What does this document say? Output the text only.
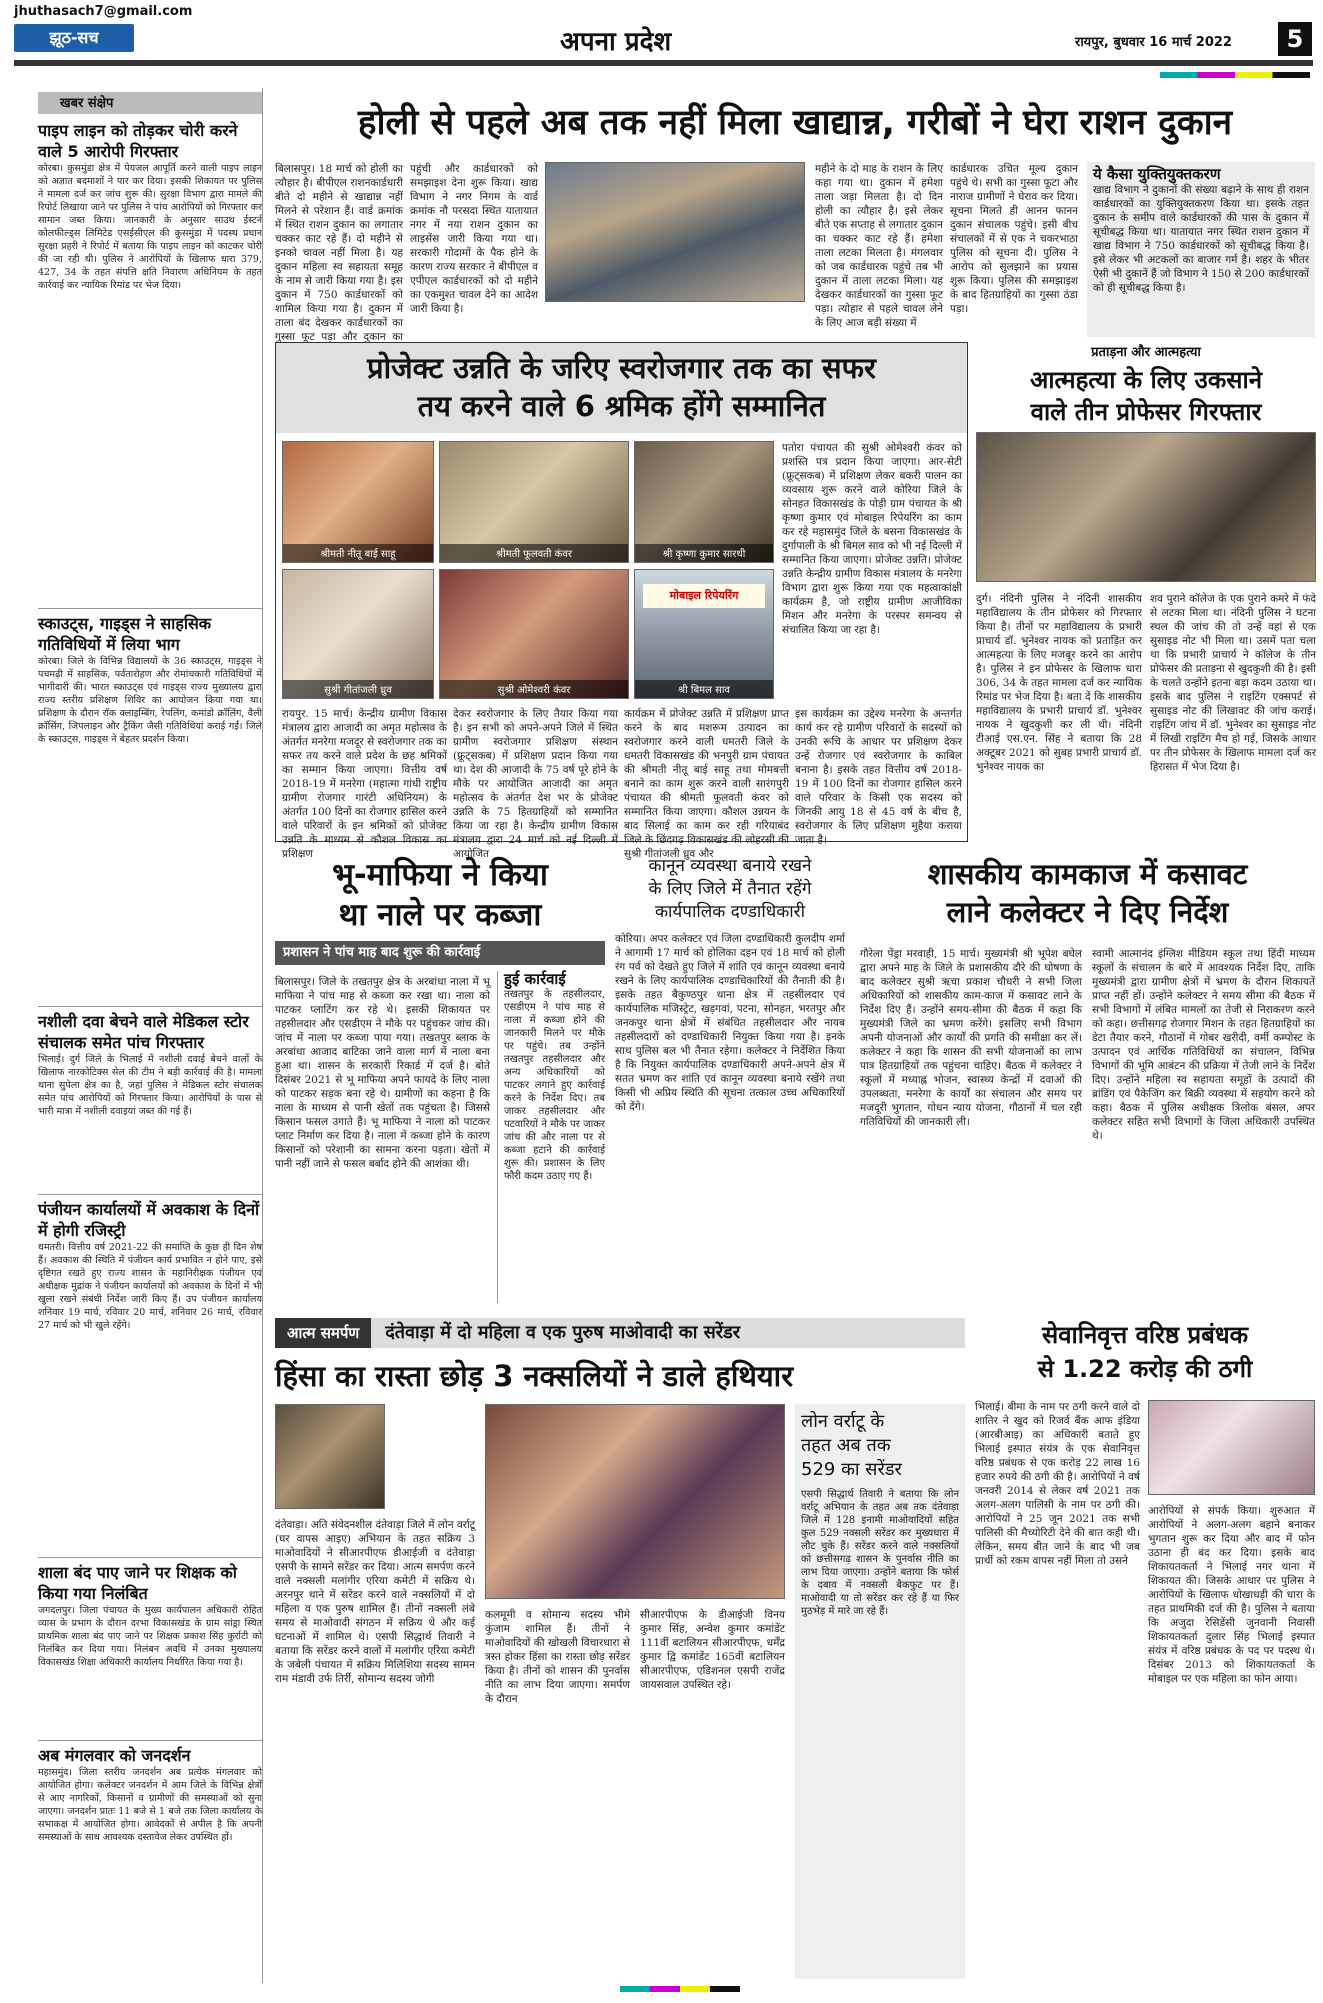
jhuthasach7@gmail.com
झूठ-सच	अपना प्रदेश	रायपुर, बुधवार 16 मार्च 2022	5
खबर संक्षेप
पाइप लाइन को तोड़कर चोरी करने वाले 5 आरोपी गिरफ्तार
कोरबा। कुसमुंडा क्षेत्र में पेयजल आपूर्ति करने वाली पाइप लाइन को अज्ञात बदमाशों ने पार कर दिया। इसकी शिकायत पर पुलिस ने मामला दर्ज कर जांच शुरू की। सुरक्षा विभाग द्वारा मामले की रिपोर्ट लिखाया जाने पर पुलिस ने पांच आरोपियों को गिरफ्तार कर सामान जब्त किया। जानकारी के अनुसार साउथ ईस्टर्न कोलफील्ड्स लिमिटेड एसईसीएल की कुसमुंडा में पदस्थ प्रधान सुरक्षा प्रहरी ने रिपोर्ट में बताया कि पाइप लाइन को काटकर चोरी की जा रही थी। पुलिस ने आरोपियों के खिलाफ धारा 379, 427, 34 के तहत संपत्ति क्षति निवारण अधिनियम के तहत कार्रवाई कर न्यायिक रिमांड पर भेज दिया।
स्काउट्स, गाइड्स ने साहसिक गतिविधियों में लिया भाग
कोरबा। जिले के विभिन्न विद्यालयों के 36 स्काउट्स, गाइड्स ने पचमढ़ी में साहसिक, पर्वतारोहण और रोमांचकारी गतिविधियों में भागीदारी की। भारत स्काउट्स एवं गाइड्स राज्य मुख्यालय द्वारा राज्य स्तरीय प्रशिक्षण शिविर का आयोजन किया गया था। प्रशिक्षण के दौरान रॉक क्लाइम्बिंग, रेपलिंग, कमांडो क्रॉलिंग, वैली क्रॉसिंग, जिपलाइन और ट्रैकिंग जैसी गतिविधियां कराई गईं। जिले के स्काउट्स, गाइड्स ने बेहतर प्रदर्शन किया।
नशीली दवा बेचने वाले मेडिकल स्टोर संचालक समेत पांच गिरफ्तार
भिलाई। दुर्ग जिले के भिलाई में नशीली दवाई बेचने वालों के खिलाफ नारकोटिक्स सेल की टीम ने बड़ी कार्रवाई की है। मामला थाना सुपेला क्षेत्र का है, जहां पुलिस ने मेडिकल स्टोर संचालक समेत पांच आरोपियों को गिरफ्तार किया। आरोपियों के पास से भारी मात्रा में नशीली दवाइयां जब्त की गई हैं।
पंजीयन कार्यालयों में अवकाश के दिनों में होगी रजिस्ट्री
धमतरी। वित्तीय वर्ष 2021-22 की समाप्ति के कुछ ही दिन शेष हैं। अवकाश की स्थिति में पंजीयन कार्य प्रभावित न होने पाए, इसे दृष्टिगत रखते हुए राज्य शासन के महानिरीक्षक पंजीयन एवं अधीक्षक मुद्रांक ने पंजीयन कार्यालयों को अवकाश के दिनों में भी खुला रखने संबंधी निर्देश जारी किए हैं। उप पंजीयन कार्यालय शनिवार 19 मार्च, रविवार 20 मार्च, शनिवार 26 मार्च, रविवार 27 मार्च को भी खुले रहेंगे।
शाला बंद पाए जाने पर शिक्षक को किया गया निलंबित
जगदलपुर। जिला पंचायत के मुख्य कार्यपालन अधिकारी रोहित व्यास के प्रभाग के दौरान दरभा विकासखंड के ग्राम सांड्रा स्थित प्राथमिक शाला बंद पाए जाने पर शिक्षक प्रकाश सिंह कुर्राटी को निलंबित कर दिया गया। निलंबन अवधि में उनका मुख्यालय विकासखंड शिक्षा अधिकारी कार्यालय निर्धारित किया गया है।
अब मंगलवार को जनदर्शन
महासमुंद। जिला स्तरीय जनदर्शन अब प्रत्येक मंगलवार को आयोजित होगा। कलेक्टर जनदर्शन में आम जिले के विभिन्न क्षेत्रों से आए नागरिकों, किसानों व ग्रामीणों की समस्याओं को सुना जाएगा। जनदर्शन प्रातः 11 बजे से 1 बजे तक जिला कार्यालय के सभाकक्ष में आयोजित होगा। आवेदकों से अपील है कि अपनी समस्याओं के साथ आवश्यक दस्तावेज लेकर उपस्थित हों।
होली से पहले अब तक नहीं मिला खाद्यान्न, गरीबों ने घेरा राशन दुकान
बिलासपुर। 18 मार्च को होली का त्यौहार है। बीपीएल राशनकार्डधारी बीते दो महीने से खाद्यान्न नहीं मिलने से परेशान हैं। वार्ड क्रमांक में स्थित राशन दुकान का लगातार चक्कर काट रहे हैं। दो महीने से इनको चावल नहीं मिला है। यह दुकान महिला स्व सहायता समूह के नाम से जारी किया गया है। इस दुकान में 750 कार्डधारकों को शामिल किया गया है। दुकान में ताला बंद देखकर कार्डधारकों का गुस्सा फूट पड़ा और दुकान का
पहुंची और कार्डधारकों को समझाइश देना शुरू किया। खाद्य विभाग ने नगर निगम के वार्ड क्रमांक नौ परसदा स्थित यातायात नगर में नया राशन दुकान का लाइसेंस जारी किया गया था। सरकारी गोदामों के पैक होने के कारण राज्य सरकार ने बीपीएल व एपीएल कार्डधारकों को दो महीने का एकमुश्त चावल देने का आदेश जारी किया है।
महीने के दो माह के राशन के लिए कहा गया था। दुकान में हमेशा ताला जड़ा मिलता है। दो दिन होली का त्यौहार है। इसे लेकर बीते एक सप्ताह से लगातार दुकान का चक्कर काट रहे हैं। हमेशा ताला लटका मिलता है। मंगलवार को जब कार्डधारक पहुंचे तब भी दुकान में ताला लटका मिला। यह देखकर कार्डधारकों का गुस्सा फूट पड़ा। त्योहार से पहले चावल लेने के लिए आज बड़ी संख्या में
कार्डधारक उचित मूल्य दुकान पहुंचे थे। सभी का गुस्सा फूटा और नाराज ग्रामीणों ने घेराव कर दिया। सूचना मिलते ही आनन फानन दुकान संचालक पहुंचे। इसी बीच संचालकों में से एक ने चकरभाठा पुलिस को सूचना दी। पुलिस ने आरोप को सुलझाने का प्रयास शुरू किया। पुलिस की समझाइश के बाद हितग्राहियों का गुस्सा ठंडा पड़ा।
ये कैसा युक्तियुक्तकरण
खाद्य विभाग ने दुकानों की संख्या बढ़ाने के साथ ही राशन कार्डधारकों का युक्तियुक्तकरण किया था। इसके तहत दुकान के समीप वाले कार्डधारकों की पास के दुकान में सूचीबद्ध किया था। यातायात नगर स्थित राशन दुकान में खाद्य विभाग ने 750 कार्डधारकों को सूचीबद्ध किया है। इसे लेकर भी अटकलों का बाजार गर्म है। शहर के भीतर ऐसी भी दुकानें हैं जो विभाग ने 150 से 200 कार्डधारकों को ही सूचीबद्ध किया है।
प्रोजेक्ट उन्नति के जरिए स्वरोजगार तक का सफर
तय करने वाले 6 श्रमिक होंगे सम्मानित
श्रीमती नीतू बाई साहू	श्रीमती फूलवती कंवर	श्री कृष्णा कुमार सारथी
सुश्री गीतांजली ध्रुव	सुश्री ओमेश्वरी कंवर
मोबाइल रिपेयरिंग
श्री बिमल साव
पतोरा पंचायत की सुश्री ओमेश्वरी कंवर को प्रशस्ति पत्र प्रदान किया जाएगा। आर-सेटी (फ्रूट्सकब) में प्रशिक्षण लेकर बकरी पालन का व्यवसाय शुरू करने वाले कोरिया जिले के सोनहत विकासखंड के पोड़ी ग्राम पंचायत के श्री कृष्णा कुमार एवं मोबाइल रिपेयरिंग का काम कर रहे महासमुंद जिले के बसना विकासखंड के दुर्गापाली के श्री बिमल साव को भी नई दिल्ली में सम्मानित किया जाएगा। प्रोजेक्ट उन्नति। प्रोजेक्ट उन्नति केन्द्रीय ग्रामीण विकास मंत्रालय के मनरेगा विभाग द्वारा शुरू किया गया एक महत्वाकांक्षी कार्यक्रम है, जो राष्ट्रीय ग्रामीण आजीविका मिशन और मनरेगा के परस्पर समन्वय से संचालित किया जा रहा है।
रायपुर. 15 मार्च। केन्द्रीय ग्रामीण विकास मंत्रालय द्वारा आजादी का अमृत महोत्सव के अंतर्गत मनरेगा मजदूर से स्वरोजगार तक का सफर तय करने वाले प्रदेश के छह श्रमिकों का सम्मान किया जाएगा। वित्तीय वर्ष 2018-19 में मनरेगा (महात्मा गांधी राष्ट्रीय ग्रामीण रोजगार गारंटी अधिनियम) के अंतर्गत 100 दिनों का रोजगार हासिल करने वाले परिवारों के इन श्रमिकों को प्रोजेक्ट उन्नति के माध्यम से कौशल विकास का प्रशिक्षण
देकर स्वरोजगार के लिए तैयार किया गया है। इन सभी को अपने-अपने जिले में स्थित ग्रामीण स्वरोजगार प्रशिक्षण संस्थान (फ्रूट्सकब) में प्रशिक्षण प्रदान किया गया था। देश की आजादी के 75 वर्ष पूरे होने के मौके पर आयोजित आजादी का अमृत महोत्सव के अंतर्गत देश भर के प्रोजेक्ट उन्नति के 75 हितग्राहियों को सम्मानित किया जा रहा है। केन्द्रीय ग्रामीण विकास मंत्रालय द्वारा 24 मार्च को नई दिल्ली में आयोजित
कार्यक्रम में प्रोजेक्ट उन्नति में प्रशिक्षण प्राप्त करने के बाद मशरूम उत्पादन का स्वरोजगार करने वाली धमतरी जिले के धमतरी विकासखंड की भनपुरी ग्राम पंचायत की श्रीमती नीतू बाई साहू तथा मोमबत्ती बनाने का काम शुरू करने वाली सारंगपुरी पंचायत की श्रीमती फूलवती कंवर को सम्मानित किया जाएगा। कौशल उन्नयन के बाद सिलाई का काम कर रही गरियाबंद जिले के छिंदगढ़ विकासखंड की लोहरसी की सुश्री गीतांजली ध्रुव और
इस कार्यक्रम का उद्देश्य मनरेगा के अन्तर्गत कार्य कर रहे ग्रामीण परिवारों के सदस्यों को उनकी रूचि के आधार पर प्रशिक्षण देकर उन्हें रोजगार एवं स्वरोजगार के काबिल बनाना है। इसके तहत वित्तीय वर्ष 2018-19 में 100 दिनों का रोजगार हासिल करने वाले परिवार के किसी एक सदस्य को जिनकी आयु 18 से 45 वर्ष के बीच है, स्वरोजगार के लिए प्रशिक्षण मुहैया कराया जाता है।
प्रताड़ना और आत्महत्या
आत्महत्या के लिए उकसाने
वाले तीन प्रोफेसर गिरफ्तार
दुर्ग। नंदिनी पुलिस ने नंदिनी शासकीय महाविद्यालय के तीन प्रोफेसर को गिरफ्तार किया है। तीनों पर महाविद्यालय के प्रभारी प्राचार्य डॉ. भुनेश्वर नायक को प्रताड़ित कर आत्महत्या के लिए मजबूर करने का आरोप है। पुलिस ने इन प्रोफेसर के खिलाफ धारा 306, 34 के तहत मामला दर्ज कर न्यायिक रिमांड पर भेज दिया है। बता दें कि शासकीय महाविद्यालय के प्रभारी प्राचार्य डॉ. भुनेश्वर नायक ने खुदकुशी कर ली थी। नंदिनी टीआई एस.एन. सिंह ने बताया कि 28 अक्टूबर 2021 को सुबह प्रभारी प्राचार्य डॉ. भुनेश्वर नायक का
शव पुराने कॉलेज के एक पुराने कमरे में फंदे से लटका मिला था। नंदिनी पुलिस ने घटना स्थल की जांच की तो उन्हें वहां से एक सुसाइड नोट भी मिला था। उसमें पता चला था कि प्रभारी प्राचार्य ने कॉलेज के तीन प्रोफेसर की प्रताड़ना से खुदकुशी की है। इसी के चलते उन्होंने इतना बड़ा कदम उठाया था। इसके बाद पुलिस ने राइटिंग एक्सपर्ट से सुसाइड नोट की लिखावट की जांच कराई। राइटिंग जांच में डॉ. भुनेश्वर का सुसाइड नोट में लिखी राइटिंग मैच हो गई, जिसके आधार पर तीन प्रोफेसर के खिलाफ मामला दर्ज कर हिरासत में भेज दिया है।
भू-माफिया ने किया
था नाले पर कब्जा
प्रशासन ने पांच माह बाद शुरू की कार्रवाई
बिलासपुर। जिले के तखतपुर क्षेत्र के अरबांधा नाला में भू माफिया ने पांच माह से कब्जा कर रखा था। नाला को पाटकर प्लाटिंग कर रहे थे। इसकी शिकायत पर तहसीलदार और एसडीएम ने मौके पर पहुंचकर जांच की। जांच में नाला पर कब्जा पाया गया। तखतपुर ब्लाक के अरबांधा आजाद बाटिका जाने वाला मार्ग में नाला बना हुआ था। शासन के सरकारी रिकार्ड में दर्ज है। बोते दिसंबर 2021 से भू माफिया अपने फायदे के लिए नाला को पाटकर सड़क बना रहे थे। ग्रामीणों का कहना है कि नाला के माध्यम से पानी खेतों तक पहुंचता है। जिससे किसान फसल उगाते हैं। भू माफिया ने नाला को पाटकर प्लाट निर्माण कर दिया है। नाला में कब्जा होने के कारण किसानों को परेशानी का सामना करना पड़ता। खेतों में पानी नहीं जाने से फसल बर्बाद होने की आशंका थी।
हुई कार्रवाई
तखतपुर के तहसीलदार, एसडीएम ने पांच माह से नाला में कब्जा होने की जानकारी मिलने पर मौके पर पहुंचे। तब उन्होंने तखतपुर तहसीलदार और अन्य अधिकारियों को पाटकर लगाने हुए कार्रवाई करने के निर्देश दिए। तब जाकर तहसीलदार और पटवारियों ने मौके पर जाकर जांच की और नाला पर से कब्जा हटाने की कार्रवाई शुरू की। प्रशासन के लिए फौरी कदम उठाए गए हैं।
कानून व्यवस्था बनाये रखने
के लिए जिले में तैनात रहेंगे
कार्यपालिक दण्डाधिकारी
कोरिया। अपर कलेक्टर एवं जिला दण्डाधिकारी कुलदीप शर्मा ने आगामी 17 मार्च को होलिका दहन एवं 18 मार्च को होली रंग पर्व को देखते हुए जिले में शांति एवं कानून व्यवस्था बनाये रखने के लिए कार्यपालिक दण्डाधिकारियों की तैनाती की है। इसके तहत बैकुण्ठपुर थाना क्षेत्र में तहसीलदार एवं कार्यपालिक मजिस्ट्रेट, खड़गवां, पटना, सोनहत, भरतपुर और जनकपुर थाना क्षेत्रों में संबंधित तहसीलदार और नायब तहसीलदारों को दण्डाधिकारी नियुक्त किया गया है। इनके साथ पुलिस बल भी तैनात रहेगा। कलेक्टर ने निर्देशित किया है कि नियुक्त कार्यपालिक दण्डाधिकारी अपने-अपने क्षेत्र में सतत भ्रमण कर शांति एवं कानून व्यवस्था बनाये रखेंगे तथा किसी भी अप्रिय स्थिति की सूचना तत्काल उच्च अधिकारियों को देंगे।
शासकीय कामकाज में कसावट
लाने कलेक्टर ने दिए निर्देश
गौरेला पेंड्रा मरवाही, 15 मार्च। मुख्यमंत्री श्री भूपेश बघेल द्वारा अपने माह के जिले के प्रशासकीय दौरे की घोषणा के बाद कलेक्टर सुश्री ऋचा प्रकाश चौधरी ने सभी जिला अधिकारियों को शासकीय काम-काज में कसावट लाने के निर्देश दिए हैं। उन्होंने समय-सीमा की बैठक में कहा कि मुख्यमंत्री जिले का भ्रमण करेंगे। इसलिए सभी विभाग अपनी योजनाओं और कार्यों की प्रगति की समीक्षा कर लें। कलेक्टर ने कहा कि शासन की सभी योजनाओं का लाभ पात्र हितग्राहियों तक पहुंचना चाहिए। बैठक में कलेक्टर ने स्कूलों में मध्याह्न भोजन, स्वास्थ्य केन्द्रों में दवाओं की उपलब्धता, मनरेगा के कार्यों का संचालन और समय पर मजदूरी भुगतान, गोधन न्याय योजना, गौठानों में चल रही गतिविधियों की जानकारी ली।
स्वामी आत्मानंद इंग्लिश मीडियम स्कूल तथा हिंदी माध्यम स्कूलों के संचालन के बारे में आवश्यक निर्देश दिए, ताकि मुख्यमंत्री द्वारा ग्रामीण क्षेत्रों में भ्रमण के दौरान शिकायतें प्राप्त नहीं हों। उन्होंने कलेक्टर ने समय सीमा की बैठक में सभी विभागों में लंबित मामलों का तेजी से निराकरण करने को कहा। छत्तीसगढ़ रोजगार मिशन के तहत हितग्राहियों का डेटा तैयार करने, गौठानों में गोबर खरीदी, वर्मी कम्पोस्ट के उत्पादन एवं आर्थिक गतिविधियों का संचालन, विभिन्न विभागों की भूमि आबंटन की प्रक्रिया में तेजी लाने के निर्देश दिए। उन्होंने महिला स्व सहायता समूहों के उत्पादों की ब्रांडिंग एवं पैकेजिंग कर बिक्री व्यवस्था में सहयोग करने को कहा। बैठक में पुलिस अधीक्षक त्रिलोक बंसल, अपर कलेक्टर सहित सभी विभागों के जिला अधिकारी उपस्थित थे।
आत्म समर्पण	दंतेवाड़ा में दो महिला व एक पुरुष माओवादी का सरेंडर
हिंसा का रास्ता छोड़ 3 नक्सलियों ने डाले हथियार
दंतेवाड़ा। अति संवेदनशील दंतेवाड़ा जिले में लोन वर्राटू (घर वापस आइए) अभियान के तहत सक्रिय 3 माओवादियों ने सीआरपीएफ डीआईजी व दंतेवाड़ा एसपी के सामने सरेंडर कर दिया। आत्म समर्पण करने वाले नक्सली मलांगीर एरिया कमेटी में सक्रिय थे। अरनपुर थाने में सरेंडर करने वाले नक्सलियों में दो महिला व एक पुरुष शामिल हैं। तीनों नक्सली लंबे समय से माओवादी संगठन में सक्रिय थे और कई घटनाओं में शामिल थे। एसपी सिद्धार्थ तिवारी ने बताया कि सरेंडर करने वालों में मलांगीर एरिया कमेटी के जबेली पंचायत में सक्रिय मिलिशिया सदस्य सामन राम मंडावी उर्फ तिर्री, सोमान्य सदस्य जोगी
कलमूमी व सोमान्य सदस्य भीमे कुंजाम शामिल हैं। तीनों ने माओवादियों की खोखली विचारधारा से त्रस्त होकर हिंसा का रास्ता छोड़ सरेंडर किया है। तीनों को शासन की पुनर्वास नीति का लाभ दिया जाएगा। समर्पण के दौरान
सीआरपीएफ के डीआईजी विनय कुमार सिंह, अन्वेश कुमार कमांडेंट 111वीं बटालियन सीआरपीएफ, धर्मेंद्र कुमार द्वि कमांडेंट 165वीं बटालियन सीआरपीएफ, एडिशनल एसपी राजेंद्र जायसवाल उपस्थित रहे।
लोन वर्राटू के
तहत अब तक
529 का सरेंडर
एसपी सिद्धार्थ तिवारी ने बताया कि लोन वर्राटू अभियान के तहत अब तक दंतेवाड़ा जिले में 128 इनामी माओवादियों सहित कुल 529 नक्सली सरेंडर कर मुख्यधारा में लौट चुके हैं। सरेंडर करने वाले नक्सलियों को छत्तीसगढ़ शासन के पुनर्वास नीति का लाभ दिया जाएगा। उन्होंने बताया कि फोर्स के दबाव में नक्सली बैकफुट पर हैं। माओवादी या तो सरेंडर कर रहे हैं या फिर मुठभेड़ में मारे जा रहे हैं।
सेवानिवृत्त वरिष्ठ प्रबंधक
से 1.22 करोड़ की ठगी
भिलाई। बीमा के नाम पर ठगी करने वाले दो शातिर ने खुद को रिजर्व बैंक आफ इंडिया (आरबीआइ) का अधिकारी बताते हुए भिलाई इस्पात संयंत्र के एक सेवानिवृत्त वरिष्ठ प्रबंधक से एक करोड़ 22 लाख 16 हजार रुपये की ठगी की है। आरोपियों ने वर्ष जनवरी 2014 से लेकर वर्ष 2021 तक अलग-अलग पालिसी के नाम पर ठगी की। आरोपियों ने 25 जून 2021 तक सभी पालिसी की मैच्योरिटी देने की बात कही थी। लेकिन, समय बीत जाने के बाद भी जब प्रार्थी को रकम वापस नहीं मिला तो उसने
आरोपियों से संपर्क किया। शुरुआत में आरोपियों ने अलग-अलग बहाने बनाकर भुगतान शुरू कर दिया और बाद में फोन उठाना ही बंद कर दिया। इसके बाद शिकायतकर्ता ने भिलाई नगर थाना में शिकायत की। जिसके आधार पर पुलिस ने आरोपियों के खिलाफ धोखाधड़ी की धारा के तहत प्राथमिकी दर्ज की है। पुलिस ने बताया कि अजुदा रेसिडेंसी जुनवानी निवासी शिकायतकर्ता दुलार सिंह भिलाई इस्पात संयंत्र में वरिष्ठ प्रबंधक के पद पर पदस्थ थे। दिसंबर 2013 को शिकायतकर्ता के मोबाइल पर एक महिला का फोन आया।
